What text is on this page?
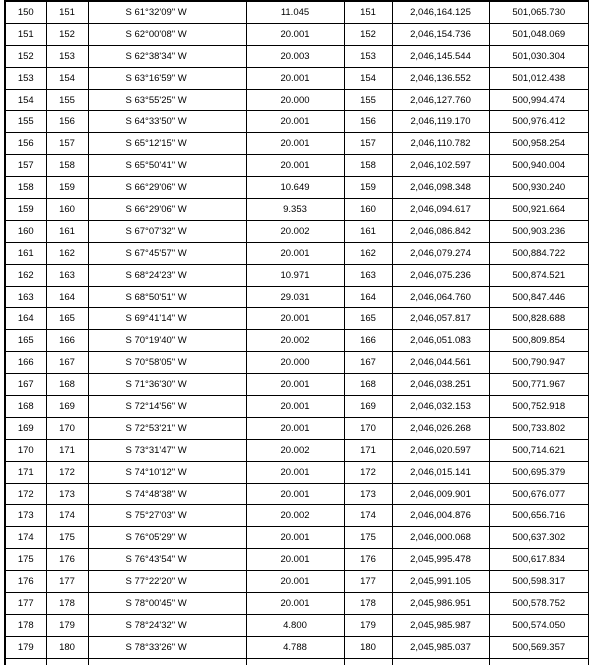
150	151	S 61°32'09" W	11.045	151	2,046,164.125	501,065.730
151	152	S 62°00'08" W	20.001	152	2,046,154.736	501,048.069
152	153	S 62°38'34" W	20.003	153	2,046,145.544	501,030.304
153	154	S 63°16'59" W	20.001	154	2,046,136.552	501,012.438
154	155	S 63°55'25" W	20.000	155	2,046,127.760	500,994.474
155	156	S 64°33'50" W	20.001	156	2,046,119.170	500,976.412
156	157	S 65°12'15" W	20.001	157	2,046,110.782	500,958.254
157	158	S 65°50'41" W	20.001	158	2,046,102.597	500,940.004
158	159	S 66°29'06" W	10.649	159	2,046,098.348	500,930.240
159	160	S 66°29'06" W	9.353	160	2,046,094.617	500,921.664
160	161	S 67°07'32" W	20.002	161	2,046,086.842	500,903.236
161	162	S 67°45'57" W	20.001	162	2,046,079.274	500,884.722
162	163	S 68°24'23" W	10.971	163	2,046,075.236	500,874.521
163	164	S 68°50'51" W	29.031	164	2,046,064.760	500,847.446
164	165	S 69°41'14" W	20.001	165	2,046,057.817	500,828.688
165	166	S 70°19'40" W	20.002	166	2,046,051.083	500,809.854
166	167	S 70°58'05" W	20.000	167	2,046,044.561	500,790.947
167	168	S 71°36'30" W	20.001	168	2,046,038.251	500,771.967
168	169	S 72°14'56" W	20.001	169	2,046,032.153	500,752.918
169	170	S 72°53'21" W	20.001	170	2,046,026.268	500,733.802
170	171	S 73°31'47" W	20.002	171	2,046,020.597	500,714.621
171	172	S 74°10'12" W	20.001	172	2,046,015.141	500,695.379
172	173	S 74°48'38" W	20.001	173	2,046,009.901	500,676.077
173	174	S 75°27'03" W	20.002	174	2,046,004.876	500,656.716
174	175	S 76°05'29" W	20.001	175	2,046,000.068	500,637.302
175	176	S 76°43'54" W	20.001	176	2,045,995.478	500,617.834
176	177	S 77°22'20" W	20.001	177	2,045,991.105	500,598.317
177	178	S 78°00'45" W	20.001	178	2,045,986.951	500,578.752
178	179	S 78°24'32" W	4.800	179	2,045,985.987	500,574.050
179	180	S 78°33'26" W	4.788	180	2,045,985.037	500,569.357
